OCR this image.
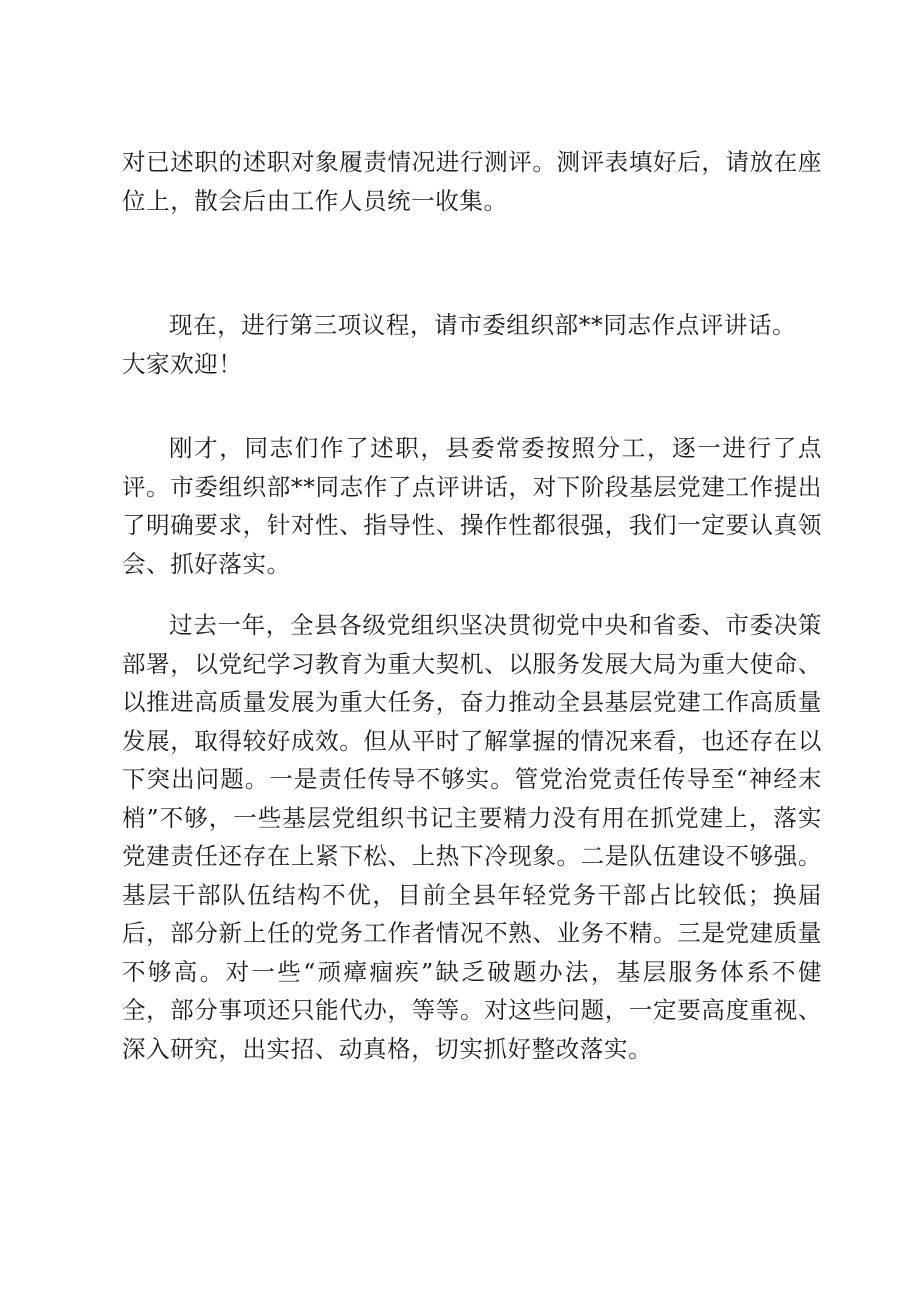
对已述职的述职对象履责情况进行测评。测评表填好后，请放在座位上，散会后由工作人员统一收集。

现在，进行第三项议程，请市委组织部**同志作点评讲话。
大家欢迎！

刚才，同志们作了述职，县委常委按照分工，逐一进行了点评。市委组织部**同志作了点评讲话，对下阶段基层党建工作提出了明确要求，针对性、指导性、操作性都很强，我们一定要认真领会、抓好落实。

过去一年，全县各级党组织坚决贯彻党中央和省委、市委决策部署，以党纪学习教育为重大契机、以服务发展大局为重大使命、以推进高质量发展为重大任务，奋力推动全县基层党建工作高质量发展，取得较好成效。但从平时了解掌握的情况来看，也还存在以下突出问题。一是责任传导不够实。管党治党责任传导至“神经末梢”不够，一些基层党组织书记主要精力没有用在抓党建上，落实党建责任还存在上紧下松、上热下冷现象。二是队伍建设不够强。基层干部队伍结构不优，目前全县年轻党务干部占比较低；换届后，部分新上任的党务工作者情况不熟、业务不精。三是党建质量不够高。对一些“顽瘴痼疾”缺乏破题办法，基层服务体系不健全，部分事项还只能代办，等等。对这些问题，一定要高度重视、深入研究，出实招、动真格，切实抓好整改落实。
